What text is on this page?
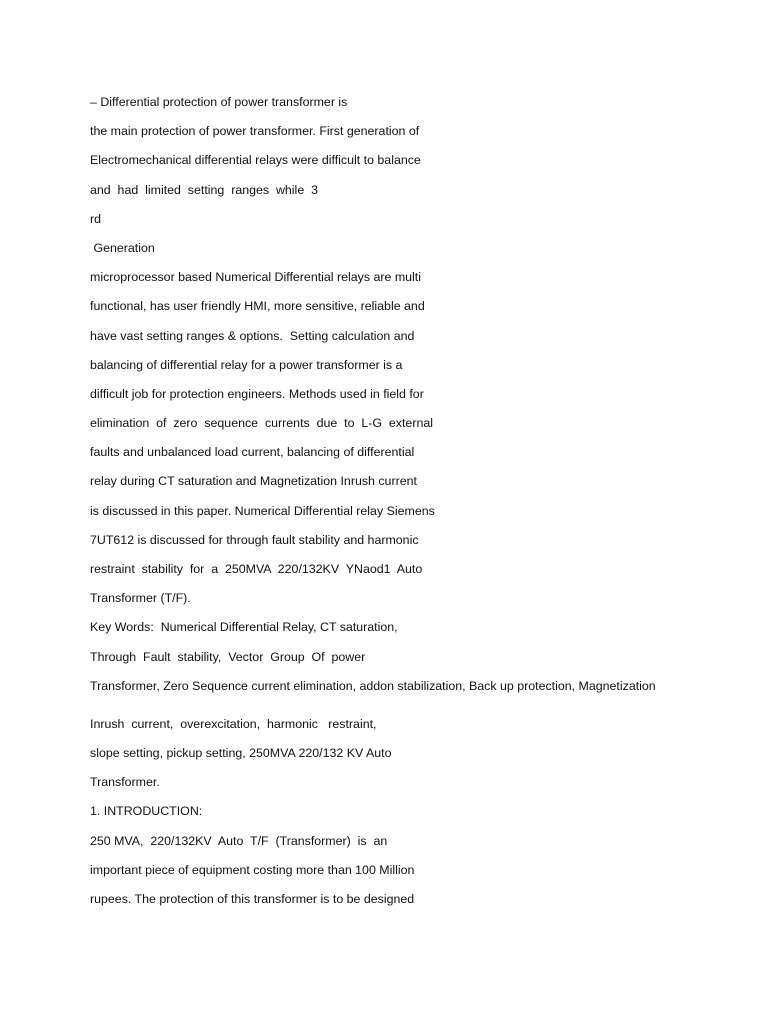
– Differential protection of power transformer is

the main protection of power transformer. First generation of

Electromechanical differential relays were difficult to balance

and  had  limited  setting  ranges  while  3

rd

Generation

microprocessor based Numerical Differential relays are multi

functional, has user friendly HMI, more sensitive, reliable and

have vast setting ranges & options.  Setting calculation and

balancing of differential relay for a power transformer is a

difficult job for protection engineers. Methods used in field for

elimination  of  zero  sequence  currents  due  to  L-G  external

faults and unbalanced load current, balancing of differential

relay during CT saturation and Magnetization Inrush current

is discussed in this paper. Numerical Differential relay Siemens

7UT612 is discussed for through fault stability and harmonic

restraint  stability  for  a  250MVA  220/132KV  YNaod1  Auto

Transformer (T/F).

Key Words:  Numerical Differential Relay, CT saturation,

Through  Fault  stability,  Vector  Group  Of  power

Transformer, Zero Sequence current elimination, addon stabilization, Back up protection, Magnetization

Inrush  current,  overexcitation,  harmonic   restraint,

slope setting, pickup setting, 250MVA 220/132 KV Auto

Transformer.

1. INTRODUCTION:

250 MVA,  220/132KV  Auto  T/F  (Transformer)  is  an

important piece of equipment costing more than 100 Million

rupees. The protection of this transformer is to be designed
